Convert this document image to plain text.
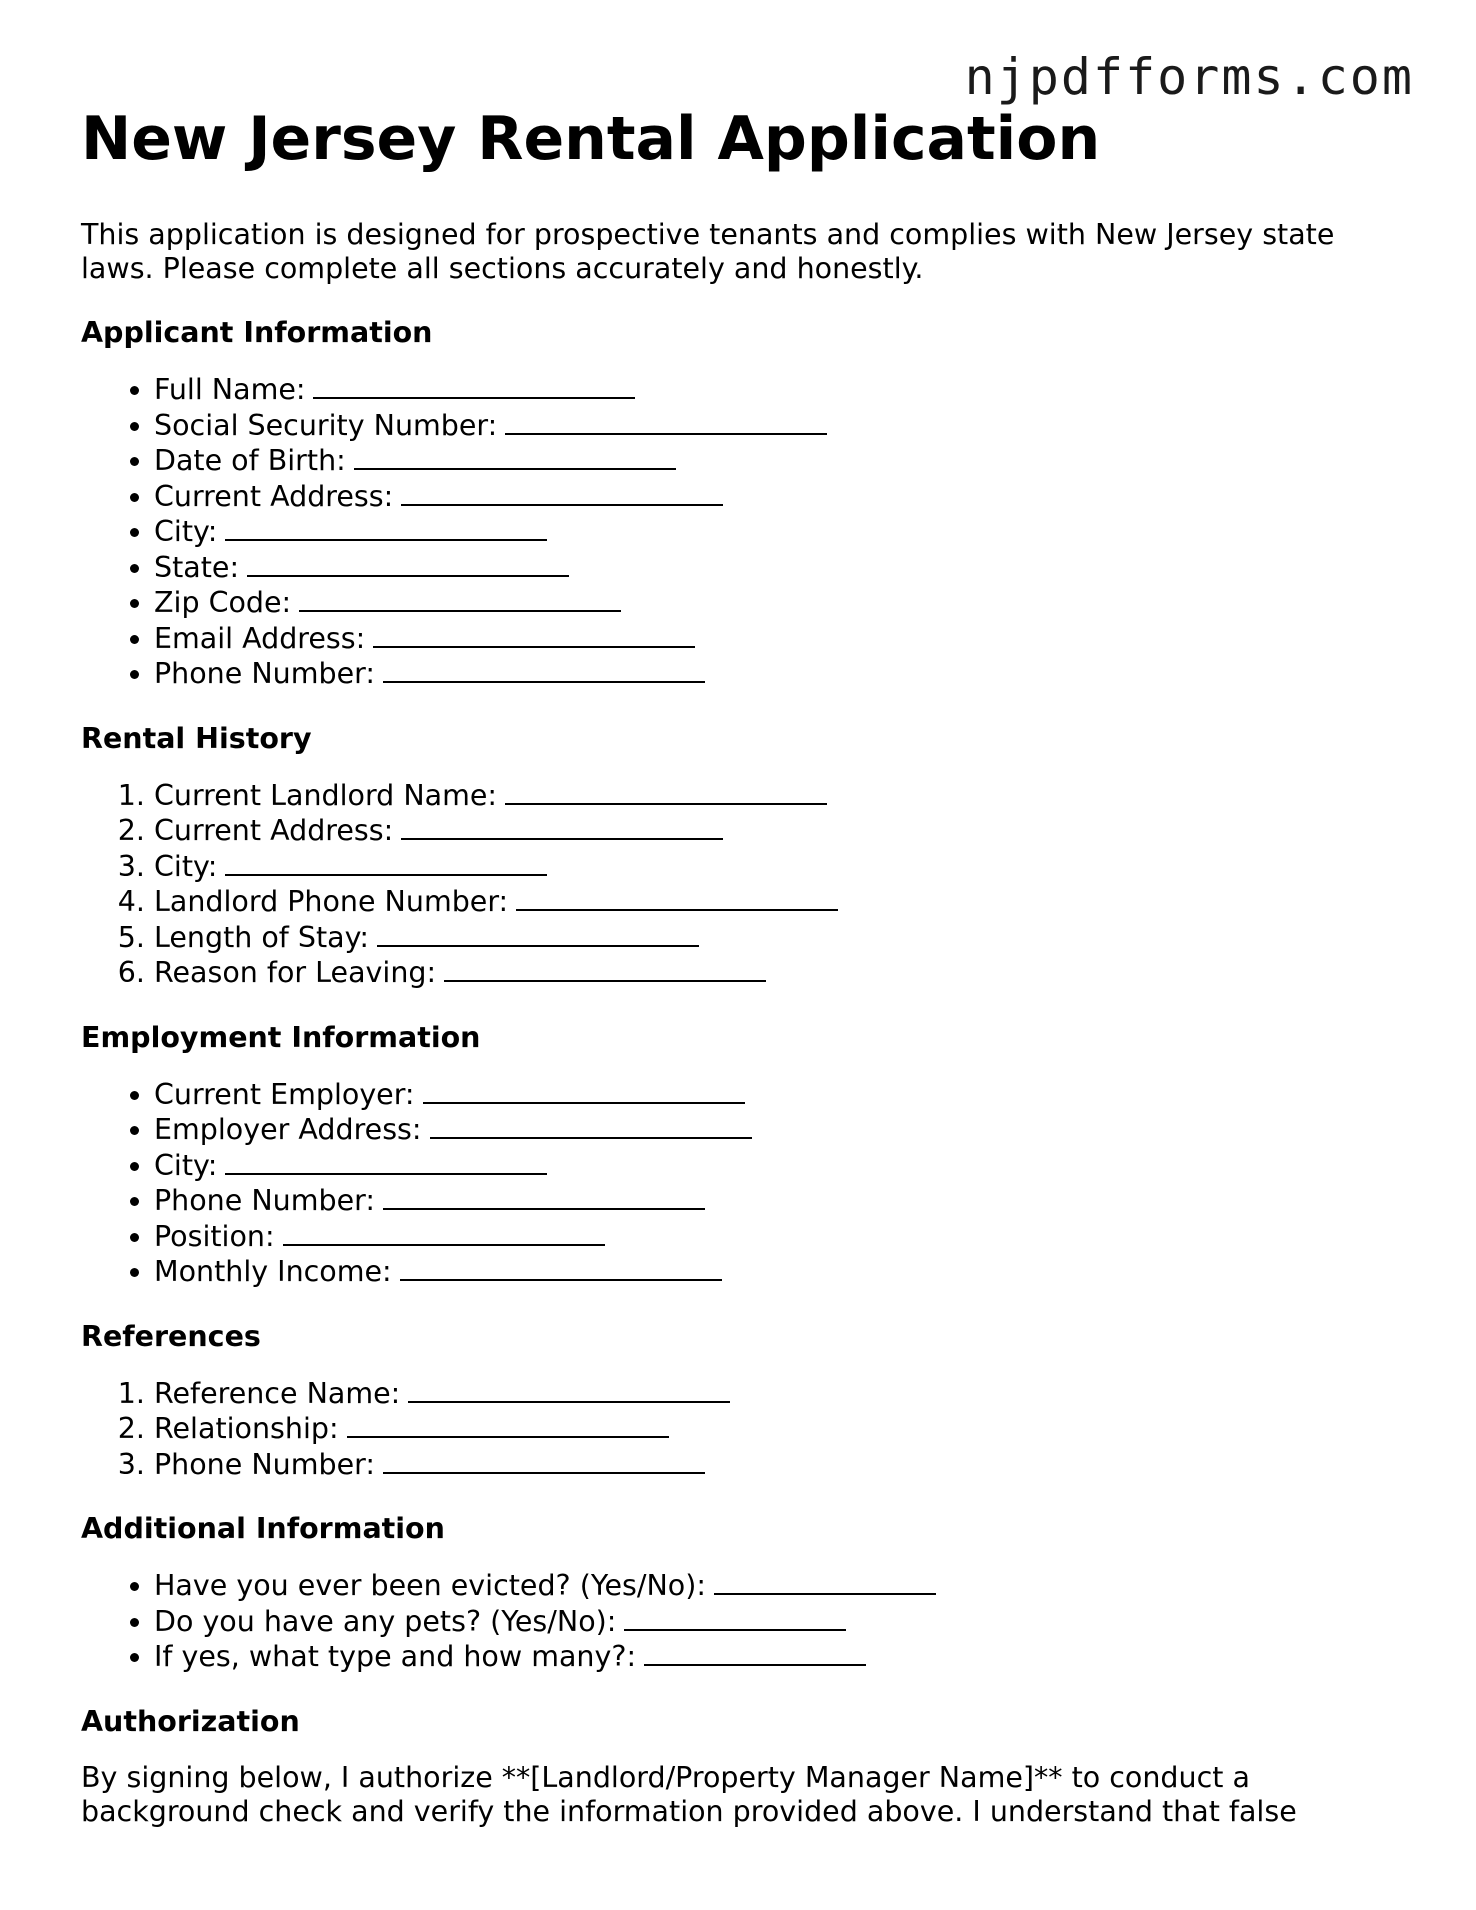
njpdfforms.com
New Jersey Rental Application

This application is designed for prospective tenants and complies with New Jersey state laws. Please complete all sections accurately and honestly.

Applicant Information
• Full Name:
• Social Security Number:
• Date of Birth:
• Current Address:
• City:
• State:
• Zip Code:
• Email Address:
• Phone Number:
Rental History
1. Current Landlord Name:
2. Current Address:
3. City:
4. Landlord Phone Number:
5. Length of Stay:
6. Reason for Leaving:
Employment Information
• Current Employer:
• Employer Address:
• City:
• Phone Number:
• Position:
• Monthly Income:
References
1. Reference Name:
2. Relationship:
3. Phone Number:
Additional Information
• Have you ever been evicted? (Yes/No):
• Do you have any pets? (Yes/No):
• If yes, what type and how many?:
Authorization

By signing below, I authorize **[Landlord/Property Manager Name]** to conduct a background check and verify the information provided above. I understand that false
